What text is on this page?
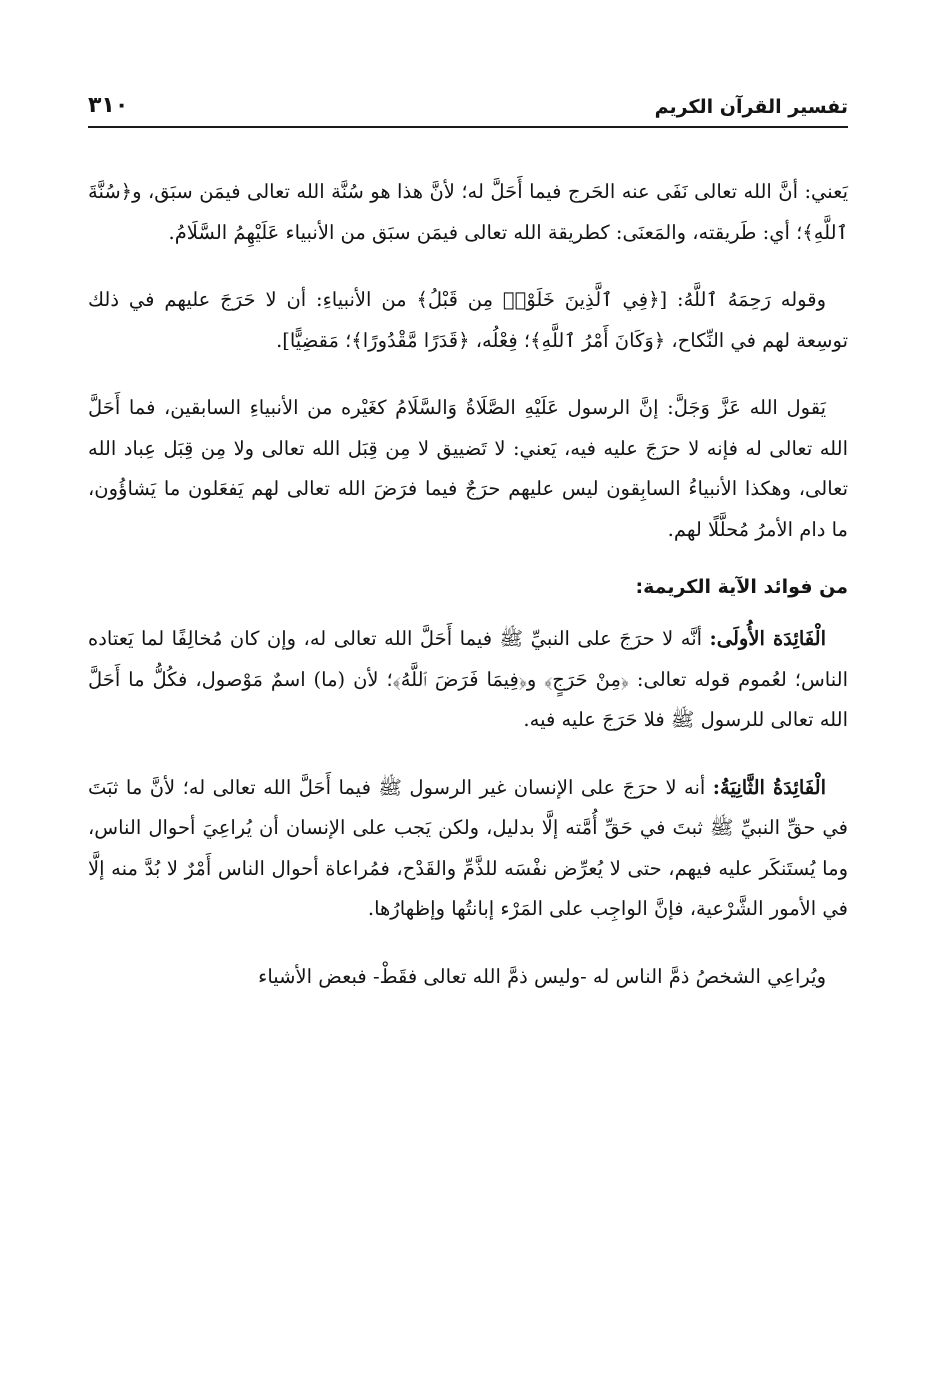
تفسير القرآن الكريم
٣١٠

يَعني: أنَّ الله تعالى نَفَى عنه الحَرج فيما أَحَلَّ له؛ لأنَّ هذا هو سُنَّة الله تعالى فيمَن سبَق، و﴿سُنَّةَ ٱللَّهِ﴾؛ أي: طَريقته، والمَعنَى: كطريقة الله تعالى فيمَن سبَق من الأنبياء عَلَيْهِمُ السَّلَامُ.

وقوله رَحِمَهُ ٱللَّهُ: [﴿فِي ٱلَّذِينَ خَلَوْا۟ مِن قَبْلُ﴾ من الأنبياءِ: أن لا حَرَجَ عليهم في ذلك توسِعة لهم في النِّكاح، ﴿وَكَانَ أَمْرُ ٱللَّهِ﴾؛ فِعْلُه، ﴿قَدَرًا مَّقْدُورًا﴾؛ مَقضِيًّا].

يَقول الله عَزَّ وَجَلَّ: إنَّ الرسول عَلَيْهِ الصَّلَاةُ وَالسَّلَامُ كغَيْره من الأنبياءِ السابقين، فما أَحَلَّ الله تعالى له فإنه لا حرَجَ عليه فيه، يَعني: لا تَضييق لا مِن قِبَل الله تعالى ولا مِن قِبَل عِباد الله تعالى، وهكذا الأنبياءُ السابِقون ليس عليهم حرَجٌ فيما فرَضَ الله تعالى لهم يَفعَلون ما يَشاؤُون، ما دام الأمرُ مُحلَّلًا لهم.

من فوائد الآية الكريمة:

الْفَائِدَة الأُولَى: أنَّه لا حرَجَ على النبيِّ ﷺ فيما أَحَلَّ الله تعالى له، وإن كان مُخالِفًا لما يَعتاده الناس؛ لعُموم قوله تعالى: ﴿مِنْ حَرَجٍ﴾ و﴿فِيمَا فَرَضَ ٱللَّهُ﴾؛ لأن (ما) اسمٌ مَوْصول، فكُلُّ ما أَحَلَّ الله تعالى للرسول ﷺ فلا حَرَجَ عليه فيه.

الْفَائِدَةُ الثَّانِيَةُ: أنه لا حرَجَ على الإنسان غير الرسول ﷺ فيما أَحَلَّ الله تعالى له؛ لأنَّ ما ثبَتَ في حقِّ النبيِّ ﷺ ثبتَ في حَقِّ أُمَّته إلَّا بدليل، ولكن يَجب على الإنسان أن يُراعِيَ أحوال الناس، وما يُستَنكَر عليه فيهم، حتى لا يُعرِّض نفْسَه للذَّمِّ والقَدْح، فمُراعاة أحوال الناس أَمْرٌ لا بُدَّ منه إلَّا في الأمور الشَّرْعية، فإنَّ الواجِب على المَرْء إبانتُها وإظهارُها.

ويُراعِي الشخصُ ذمَّ الناس له -وليس ذمَّ الله تعالى فقَطْ- فبعض الأشياء
